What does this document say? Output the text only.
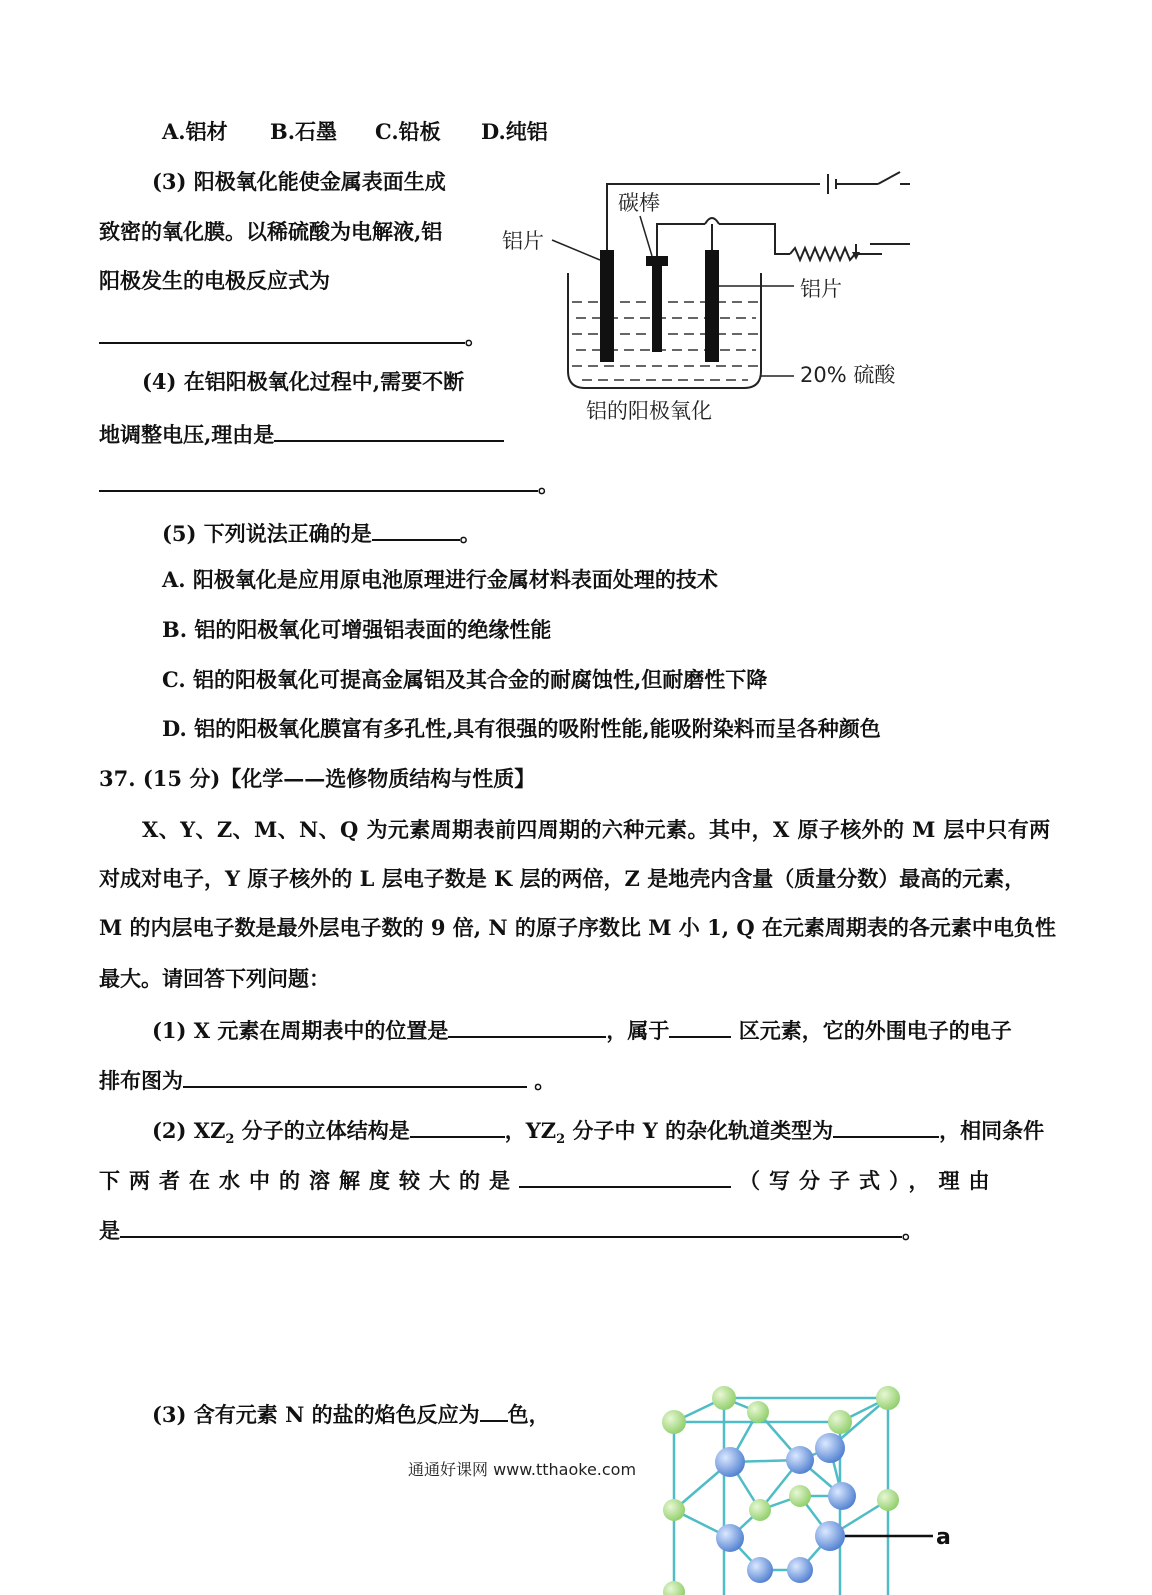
A.铝材 B.石墨 C.铅板 D.纯铝
(3) 阳极氧化能使金属表面生成
致密的氧化膜。以稀硫酸为电解液,铝
阳极发生的电极反应式为
。
(4) 在铝阳极氧化过程中,需要不断
地调整电压,理由是
。
铝片
碳棒
铝片
20% 硫酸
铝的阳极氧化
(5) 下列说法正确的是	。
A. 阳极氧化是应用原电池原理进行金属材料表面处理的技术
B. 铝的阳极氧化可增强铝表面的绝缘性能
C. 铝的阳极氧化可提高金属铝及其合金的耐腐蚀性,但耐磨性下降
D. 铝的阳极氧化膜富有多孔性,具有很强的吸附性能,能吸附染料而呈各种颜色
37. (15 分)【化学——选修物质结构与性质】
X、Y、Z、M、N、Q 为元素周期表前四周期的六种元素。其中，X 原子核外的 M 层中只有两
对成对电子，Y 原子核外的 L 层电子数是 K 层的两倍，Z 是地壳内含量（质量分数）最高的元素，
M 的内层电子数是最外层电子数的 9 倍, N 的原子序数比 M 小 1, Q 在元素周期表的各元素中电负性
最大。请回答下列问题：
(1) X 元素在周期表中的位置是	，属于	区元素，它的外围电子的电子
排布图为	。
(2) $XZ_2$ 分子的立体结构是	，$YZ_2$ 分子中 Y 的杂化轨道类型为	，相同条件
下两者在水中的溶解度较大的是	（写分子式），理由
是	。
(3) 含有元素 N 的盐的焰色反应为 色，
a
通通好课网 www.tthaoke.com
